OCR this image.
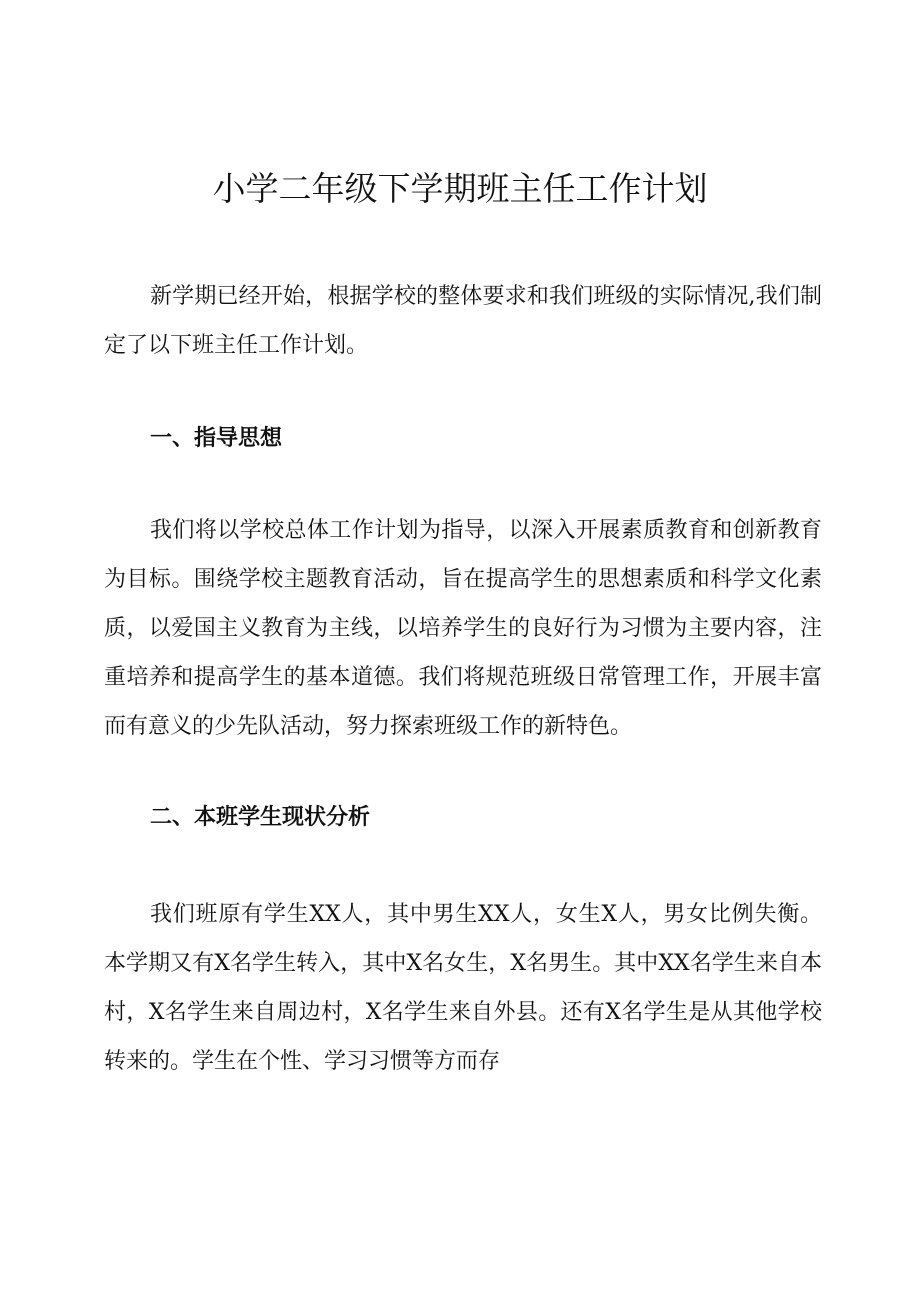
小学二年级下学期班主任工作计划

新学期已经开始，根据学校的整体要求和我们班级的实际情况,我们制定了以下班主任工作计划。

一、指导思想

我们将以学校总体工作计划为指导，以深入开展素质教育和创新教育为目标。围绕学校主题教育活动，旨在提高学生的思想素质和科学文化素质，以爱国主义教育为主线，以培养学生的良好行为习惯为主要内容，注重培养和提高学生的基本道德。我们将规范班级日常管理工作，开展丰富而有意义的少先队活动，努力探索班级工作的新特色。

二、本班学生现状分析

我们班原有学生XX人，其中男生XX人，女生X人，男女比例失衡。本学期又有X名学生转入，其中X名女生，X名男生。其中XX名学生来自本村，X名学生来自周边村，X名学生来自外县。还有X名学生是从其他学校转来的。学生在个性、学习习惯等方而存
